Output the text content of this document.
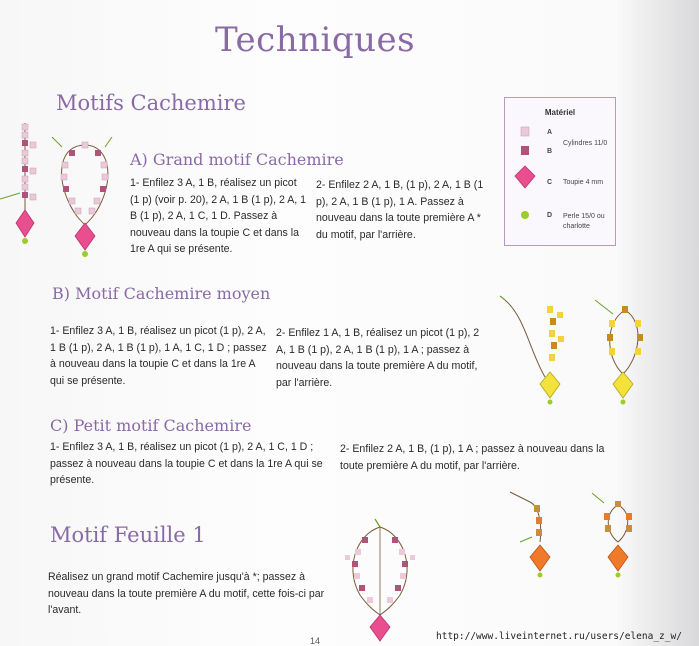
Techniques
Motifs Cachemire	Matériel
A
Cylindres 11/0
B
C Toupie 4 mm
D Perle 15/0 ou charlotte
A) Grand motif Cachemire
1- Enfilez 3 A, 1 B, réalisez un picot (1 p) (voir p. 20), 2 A, 1 B (1 p), 2 A, 1 B (1 p), 2 A, 1 C, 1 D. Passez à nouveau dans la toupie C et dans la 1re A qui se présente.
2- Enfilez 2 A, 1 B, (1 p), 2 A, 1 B (1 p), 2 A, 1 B (1 p), 1 A. Passez à nouveau dans la toute première A * du motif, par l'arrière.
B) Motif Cachemire moyen
1- Enfilez 3 A, 1 B, réalisez un picot (1 p), 2 A, 1 B (1 p), 2 A, 1 B (1 p), 1 A, 1 C, 1 D ; passez à nouveau dans la toupie C et dans la 1re A qui se présente.
2- Enfilez 1 A, 1 B, réalisez un picot (1 p), 2 A, 1 B (1 p), 2 A, 1 B (1 p), 1 A ; passez à nouveau dans la toute première A du motif, par l'arrière.
C) Petit motif Cachemire
1- Enfilez 3 A, 1 B, réalisez un picot (1 p), 2 A, 1 C, 1 D ; passez à nouveau dans la toupie C et dans la 1re A qui se présente.
2- Enfilez 2 A, 1 B, (1 p), 1 A ; passez à nouveau dans la toute première A du motif, par l'arrière.
Motif Feuille 1
Réalisez un grand motif Cachemire jusqu'à *; passez à nouveau dans la toute première A du motif, cette fois-ci par l'avant.
14	http://www.liveinternet.ru/users/elena_z_w/
